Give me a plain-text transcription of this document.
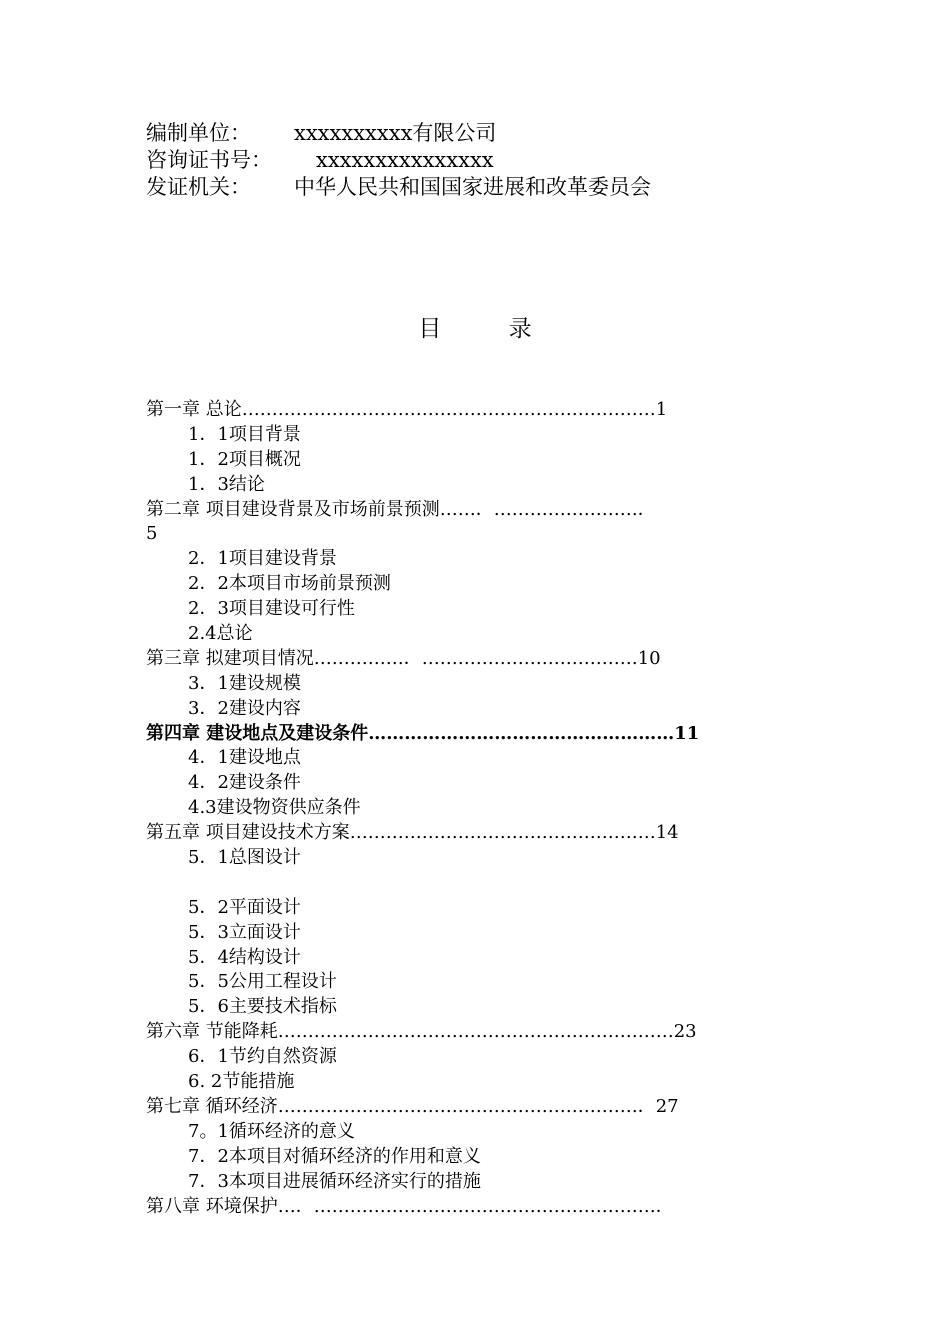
编制单位： xxxxxxxxxx有限公司
咨询证书号： xxxxxxxxxxxxxxx
发证机关： 中华人民共和国国家进展和改革委员会
目 录
第一章 总论……………………………………………………………1
1．1项目背景
1．2项目概况
1．3结论
第二章 项目建设背景及市场前景预测……．……………………．
5
2．1项目建设背景
2．2本项目市场前景预测
2．3项目建设可行性
2.4总论
第三章 拟建项目情况……………．………………………………10
3．1建设规模
3．2建设内容
第四章 建设地点及建设条件……………………………………………11
4．1建设地点
4．2建设条件
4.3建设物资供应条件
第五章 项目建设技术方案……………………………………………14
5．1总图设计
5．2平面设计
5．3立面设计
5．4结构设计
5．5公用工程设计
5．6主要技术指标
第六章 节能降耗…………………………………………………………23
6．1节约自然资源
6. 2节能措施
第七章 循环经济……………………………………………………．27
7。1循环经济的意义
7．2本项目对循环经济的作用和意义
7．3本项目进展循环经济实行的措施
第八章 环境保护…．…………………………………………………．
